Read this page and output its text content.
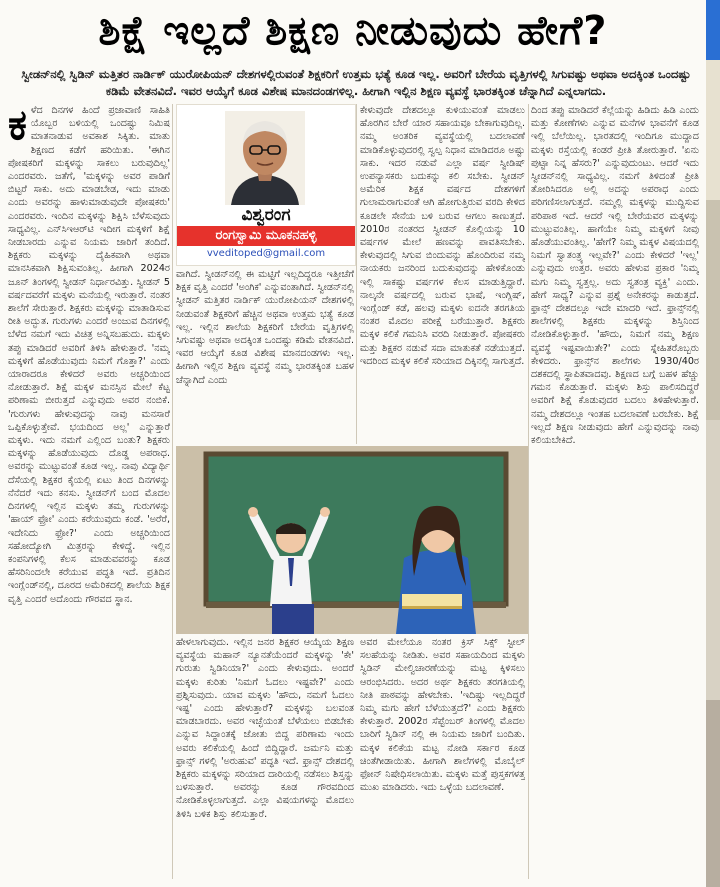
ಶಿಕ್ಷೆ ಇಲ್ಲದೆ ಶಿಕ್ಷಣ ನೀಡುವುದು ಹೇಗೆ?
ಸ್ವೀಡನ್‌ನಲ್ಲಿ ಸ್ವಿಡಿನ್ ಮತ್ತಿತರ ನಾರ್ಡಿಕ್ ಯುರೋಪಿಯನ್ ದೇಶಗಳಲ್ಲಿರುವಂತೆ ಶಿಕ್ಷಕರಿಗೆ ಉತ್ತಮ ಭತ್ಯೆ ಕೂಡ ಇಲ್ಲ. ಅವರಿಗೆ ಬೇರೆಯ ವೃತ್ತಿಗಳಲ್ಲಿ ಸಿಗುವಷ್ಟು ಅಥವಾ ಅದಕ್ಕಿಂತ ಒಂದಷ್ಟು ಕಡಿಮೆ ವೇತನವಿದೆ. ಇವರ ಆಯ್ಕೆಗೆ ಕೂಡ ವಿಶೇಷ ಮಾನದಂಡಗಳಿಲ್ಲ. ಹೀಗಾಗಿ ಇಲ್ಲಿನ ಶಿಕ್ಷಣ ವ್ಯವಸ್ಥೆ ಭಾರತಕ್ಕಿಂತ ಚೆನ್ನಾಗಿದೆ ಎನ್ನಲಾಗದು.
ಕ ಳೆದ ದಿನಗಳ ಹಿಂದೆ ಪ್ರಜಾವಾಣಿ ಸಾಹಿತಿ ಯೊಬ್ಬರ ಬಳಿಯಲ್ಲಿ ಒಂದಷ್ಟು ನಿಮಿಷ ಮಾತನಾಡುವ ಅವಕಾಶ ಸಿಕ್ಕಿತು. ಮಾತು ಶಿಕ್ಷಣದ ಕಡೆಗೆ ಹರಿಯಿತು. 'ಈಗಿನ ಪೋಷಕರಿಗೆ ಮಕ್ಕಳನ್ನು ಸಾಕಲು ಬರುವುದಿಲ್ಲ' ಎಂದರವರು. ಜತೆಗೆ, 'ಮಕ್ಕಳನ್ನು ಅವರ ಪಾಡಿಗೆ ಬಿಟ್ಟರೆ ಸಾಕು. ಅದು ಮಾಡಬೇಡ, ಇದು ಮಾಡು ಎಂದು ಅವರನ್ನು ಹಾಳುಮಾಡುವುದೇ ಪೋಷಕರು' ಎಂದರವರು. ಇಂದಿನ ಮಕ್ಕಳನ್ನು ಶಿಕ್ಷಿಸಿ ಬೆಳೆಸುವುದು ಸಾಧ್ಯವಿಲ್ಲ. ಎನ್‌ಸಿಇಆರ್‌ಟಿ ಇದೀಗ ಮಕ್ಕಳಿಗೆ ಶಿಕ್ಷೆ ನೀಡಬಾರದು ಎನ್ನುವ ನಿಯಮ ಜಾರಿಗೆ ತಂದಿದೆ. ಶಿಕ್ಷಕರು ಮಕ್ಕಳನ್ನು ದೈಹಿಕವಾಗಿ ಅಥವಾ ಮಾನಸಿಕವಾಗಿ ಶಿಕ್ಷಿಸುವಂತಿಲ್ಲ. ಹೀಗಾಗಿ 2024ರ ಜೂನ್ ತಿಂಗಳಲ್ಲಿ ಸ್ವೀಡನ್ ನಿರ್ಧಾರವಿತ್ತು. ಸ್ವೀಡನ್ 5 ವರ್ಷದವರೆಗೆ ಮಕ್ಕಳು ಮನೆಯಲ್ಲಿ ಇರುತ್ತಾರೆ. ನಂತರ ಶಾಲೆಗೆ ಸೇರುತ್ತಾರೆ. ಶಿಕ್ಷಕರು ಮಕ್ಕಳನ್ನು ಮಾತಾಡಿಸುವ ರೀತಿ ಅದ್ಭುತ. ಗುರುಗಳು ಎಂದರೆ ಅಂಜುವ ದಿನಗಳಲ್ಲಿ ಬೆಳೆದ ನಮಗೆ ಇದು ವಿಚಿತ್ರ ಅನ್ನಿಸಬಹುದು. ಮಕ್ಕಳು ತಪ್ಪು ಮಾಡಿದರೆ ಅವರಿಗೆ ತಿಳಿಸಿ ಹೇಳುತ್ತಾರೆ. 'ನಮ್ಮ ಮಕ್ಕಳಿಗೆ ಹೊಡೆಯುವುದು ನಿಮಗೆ ಗೊತ್ತಾ?' ಎಂದು ಯಾರಾದರೂ ಕೇಳಿದರೆ ಅವರು ಅಚ್ಚರಿಯಿಂದ ನೋಡುತ್ತಾರೆ. ಶಿಕ್ಷೆ ಮಕ್ಕಳ ಮನಸ್ಸಿನ ಮೇಲೆ ಕೆಟ್ಟ ಪರಿಣಾಮ ಬೀರುತ್ತದೆ ಎನ್ನುವುದು ಅವರ ನಂಬಿಕೆ. 'ಗುರುಗಳು ಹೇಳುವುದನ್ನು ನಾವು ಮನಸಾರೆ ಒಪ್ಪಿಕೊಳ್ಳುತ್ತೇವೆ. ಭಯದಿಂದ ಅಲ್ಲ' ಎನ್ನುತ್ತಾರೆ ಮಕ್ಕಳು. ಇದು ನಮಗೆ ಎಲ್ಲಿಂದ ಬಂತು? ಶಿಕ್ಷಕರು ಮಕ್ಕಳನ್ನು ಹೊಡೆಯುವುದು ದೊಡ್ಡ ಅಪರಾಧ. ಅವರನ್ನು ಮುಟ್ಟುವಂತೆ ಕೂಡ ಇಲ್ಲ. ನಾವು ವಿದ್ಯಾರ್ಥಿ ದೆಸೆಯಲ್ಲಿ ಶಿಕ್ಷಕರ ಕೈಯಲ್ಲಿ ಏಟು ತಿಂದ ದಿನಗಳನ್ನು ನೆನೆದರೆ ಇದು ಕನಸು. ಸ್ವೀಡನ್‌ಗೆ ಬಂದ ಮೊದಲ ದಿನಗಳಲ್ಲಿ ಇಲ್ಲಿನ ಮಕ್ಕಳು ತಮ್ಮ ಗುರುಗಳನ್ನು 'ಹಾಯ್ ಫ್ರೋ' ಎಂದು ಕರೆಯುವುದು ಕಂಡೆ. 'ಅರೆರೆ, ಇದೇನಿದು ಫ್ರೋ?' ಎಂದು ಅಚ್ಚರಿಯಿಂದ ಸಹೋದ್ಯೋಗಿ ಮಿತ್ರರನ್ನು ಕೇಳಿದ್ದೆ. ಇಲ್ಲಿನ ಕಂಪನಿಗಳಲ್ಲಿ ಕೆಲಸ ಮಾಡುವವರನ್ನು ಕೂಡ ಹೆಸರಿನಿಂದಲೇ ಕರೆಯುವ ಪದ್ಧತಿ ಇದೆ. ಪ್ರತಿದಿನ ಇಂಗ್ಲೆಂಡ್‌ನಲ್ಲಿ, ದೂರದ ಅಮೆರಿಕದಲ್ಲಿ ಶಾಲೆಯ ಶಿಕ್ಷಕ ವೃತ್ತಿ ಎಂದರೆ ಅದೊಂದು ಗೌರವದ ಸ್ಥಾನ.
ವಿಶ್ವರಂಗ
ರಂಗಸ್ವಾಮಿ ಮೂಕನಹಳ್ಳಿ
vveditoped@gmail.com
ವಾಗಿದೆ. ಸ್ವೀಡನ್‌ನಲ್ಲಿ ಈ ಮಟ್ಟಿಗೆ ಇಲ್ಲದಿದ್ದರೂ ಇತ್ತೀಚೆಗೆ ಶಿಕ್ಷಕ ವೃತ್ತಿ ಎಂದರೆ 'ಅಂಗಿಕ' ಎನ್ನುವಂತಾಗಿದೆ. ಸ್ವೀಡನ್‌ನಲ್ಲಿ ಸ್ವೀಡನ್ ಮತ್ತಿತರ ನಾರ್ಡಿಕ್ ಯುರೋಪಿಯನ್ ದೇಶಗಳಲ್ಲಿ ನೀಡುವಂತೆ ಶಿಕ್ಷಕರಿಗೆ ಹೆಚ್ಚಿನ ಅಥವಾ ಉತ್ತಮ ಭತ್ಯೆ ಕೂಡ ಇಲ್ಲ. ಇಲ್ಲಿನ ಶಾಲೆಯ ಶಿಕ್ಷಕರಿಗೆ ಬೇರೆಯ ವೃತ್ತಿಗಳಲ್ಲಿ ಸಿಗುವಷ್ಟು ಅಥವಾ ಅದಕ್ಕಿಂತ ಒಂದಷ್ಟು ಕಡಿಮೆ ವೇತನವಿದೆ. ಇವರ ಆಯ್ಕೆಗೆ ಕೂಡ ವಿಶೇಷ ಮಾನದಂಡಗಳು ಇಲ್ಲ. ಹೀಗಾಗಿ ಇಲ್ಲಿನ ಶಿಕ್ಷಣ ವ್ಯವಸ್ಥೆ ನಮ್ಮ ಭಾರತಕ್ಕಿಂತ ಬಹಳ ಚೆನ್ನಾಗಿದೆ ಎಂದು
ಕೇಳುವುದೇ ದೇಶದಲ್ಲೂ ಕುಳಿಯುವಂತೆ ಮಾಡಲು ಹೊರಗಿನ ಬೇರೆ ಯಾರ ಸಹಾಯವೂ ಬೇಕಾಗುವುದಿಲ್ಲ. ನಮ್ಮ ಅಂತರಿಕ ವ್ಯವಸ್ಥೆಯಲ್ಲಿ ಬದಲಾವಣೆ ಮಾಡಿಕೊಳ್ಳುವುದರಲ್ಲಿ ಸ್ವಲ್ಪ ನಿಧಾನ ಮಾಡಿದರೂ ಅಷ್ಟು ಸಾಕು. ಇದರ ನಡುವೆ ಎಲ್ಲಾ ವರ್ಷ ಸ್ವೀಡಿಷ್ ಉಪನ್ಯಾಸಕರು ಬದುಕನ್ನು ಕಲಿ ಸಬೇಕು. ಸ್ವೀಡನ್ ಅಮೆರಿಕ ಶಿಕ್ಷಕ ವರ್ಷದ ದೇಶಗಳಿಗೆ ಗುಲಾಮರಾಗುವಂತೆ ಆಗಿ ಹೋಗುತ್ತಿರುವ ವರದಿ ಕೇಳಿದ ಕೂಡಲೇ ಸೇನೆಯ ಬಳಿ ಬರುವ ಆಗಲು ಕಾಣುತ್ತದೆ. 2010ರ ನಂತರದ ಸ್ವೀಡನ್ ಕೊಲ್ಲಿಯನ್ನು 10 ವರ್ಷಗಳ ಮೇಲೆ ಹಣವನ್ನು ಪಾವತಿಸಬೇಕು. ಕೇಳುವುದಲ್ಲಿ ಸಿಗುವ ಬಿಂದುವನ್ನು ಹೊಂದಿರುವ ನಮ್ಮ ನಾಯಕರು ಜನರಿಂದ ಬದುಕುವುದನ್ನು ಹೇಳಿಕೊಂಡು ಇಲ್ಲಿ ಸಾಕಷ್ಟು ವರ್ಷಗಳ ಕೆಲಸ ಮಾಡುತ್ತಿದ್ದಾರೆ. ನಾಲ್ಕನೇ ವರ್ಷದಲ್ಲಿ ಬರುವ ಭಾಷೆ, ಇಂಗ್ಲಿಷ್, ಇಂಗ್ಲೆಂಡ್ ಕಡೆ, ಹಲವು ಮಕ್ಕಳು ಐದನೇ ತರಗತಿಯ ನಂತರ ಮೊದಲ ಪರೀಕ್ಷೆ ಬರೆಯುತ್ತಾರೆ. ಶಿಕ್ಷಕರು ಮಕ್ಕಳ ಕಲಿಕೆ ಗಮನಿಸಿ ವರದಿ ನೀಡುತ್ತಾರೆ. ಪೋಷಕರು ಮತ್ತು ಶಿಕ್ಷಕರ ನಡುವೆ ಸದಾ ಮಾತುಕತೆ ನಡೆಯುತ್ತದೆ. ಇದರಿಂದ ಮಕ್ಕಳ ಕಲಿಕೆ ಸರಿಯಾದ ದಿಕ್ಕಿನಲ್ಲಿ ಸಾಗುತ್ತದೆ.
ದಿಂದ ತಪ್ಪು ಮಾಡಿದರೆ ಕೆಲ್ಲೆಯನ್ನು ಹಿಡಿದು ಹಿಡಿ ಎಂದು ಮತ್ತು ಕೋಣೆಗಳು ಎನ್ನುವ ಮನೆಗಳ ಭಾವನೆಗೆ ಕೂಡ ಇಲ್ಲಿ ಬೆಲೆಯಿಲ್ಲ. ಭಾರತದಲ್ಲಿ ಇಂದಿಗೂ ಮುದ್ದಾದ ಮಕ್ಕಳು ರಸ್ತೆಯಲ್ಲಿ ಕಂಡರೆ ಪ್ರೀತಿ ತೋರುತ್ತಾರೆ. 'ಏನು ಪುಟ್ಟಾ ನಿನ್ನ ಹೆಸರು?' ಎನ್ನುವುದುಂಟು. ಆದರೆ ಇದು ಸ್ವೀಡನ್‌ನಲ್ಲಿ ಸಾಧ್ಯವಿಲ್ಲ. ನಮಗೆ ತಿಳಿದಂತೆ ಪ್ರೀತಿ ತೋರಿಸಿದರೂ ಅಲ್ಲಿ ಅದನ್ನು ಅಪರಾಧ ಎಂದು ಪರಿಗಣಿಸಲಾಗುತ್ತದೆ. ನಮ್ಮಲ್ಲಿ ಮಕ್ಕಳನ್ನು ಮುದ್ದಿಸುವ ಪರಿಪಾಠ ಇದೆ. ಆದರೆ ಇಲ್ಲಿ ಬೇರೆಯವರ ಮಕ್ಕಳನ್ನು ಮುಟ್ಟುವಂತಿಲ್ಲ. ಹಾಗೆಯೇ ನಿಮ್ಮ ಮಕ್ಕಳಿಗೆ ನೀವು ಹೊಡೆಯುವಂತಿಲ್ಲ. 'ಹೇಗೆ? ನಿಮ್ಮ ಮಕ್ಕಳ ವಿಷಯದಲ್ಲಿ ನಿಮಗೆ ಸ್ವಾತಂತ್ರ್ಯ ಇಲ್ಲವೇ?' ಎಂದು ಕೇಳಿದರೆ 'ಇಲ್ಲ' ಎನ್ನುವುದು ಉತ್ತರ. ಅವರು ಹೇಳುವ ಪ್ರಕಾರ 'ನಿಮ್ಮ ಮಗು ನಿಮ್ಮ ಸ್ವತ್ತಲ್ಲ. ಅದು ಸ್ವತಂತ್ರ ವ್ಯಕ್ತಿ' ಎಂದು. ಹೇಗೆ ಸಾಧ್ಯ? ಎನ್ನುವ ಪ್ರಶ್ನೆ ಅನೇಕರನ್ನು ಕಾಡುತ್ತದೆ. ಫ್ರಾನ್ಸ್ ದೇಶದಲ್ಲೂ ಇದೇ ಮಾದರಿ ಇದೆ. ಫ್ರಾನ್ಸ್‌ನಲ್ಲಿ ಶಾಲೆಗಳಲ್ಲಿ ಶಿಕ್ಷಕರು ಮಕ್ಕಳನ್ನು ಶಿಸ್ತಿನಿಂದ ನೋಡಿಕೊಳ್ಳುತ್ತಾರೆ. 'ಹೌದು, ನಿಮಗೆ ನಮ್ಮ ಶಿಕ್ಷಣ ವ್ಯವಸ್ಥೆ ಇಷ್ಟವಾಯಿತೇ?' ಎಂದು ಸ್ನೇಹಿತರೊಬ್ಬರು ಕೇಳಿದರು. ಫ್ರಾನ್ಸ್‌ನ ಶಾಲೆಗಳು 1930/40ರ ದಶಕದಲ್ಲಿ ಸ್ಥಾಪಿತವಾದವು. ಶಿಕ್ಷಣದ ಬಗ್ಗೆ ಬಹಳ ಹೆಚ್ಚು ಗಮನ ಕೊಡುತ್ತಾರೆ. ಮಕ್ಕಳು ಶಿಸ್ತು ಪಾಲಿಸದಿದ್ದರೆ ಅವರಿಗೆ ಶಿಕ್ಷೆ ಕೊಡುವುದರ ಬದಲು ತಿಳಿಹೇಳುತ್ತಾರೆ. ನಮ್ಮ ದೇಶದಲ್ಲೂ ಇಂತಹ ಬದಲಾವಣೆ ಬರಬೇಕು. ಶಿಕ್ಷೆ ಇಲ್ಲದೆ ಶಿಕ್ಷಣ ನೀಡುವುದು ಹೇಗೆ ಎನ್ನುವುದನ್ನು ನಾವು ಕಲಿಯಬೇಕಿದೆ.
ಹೇಳಲಾಗುವುದು. ಇಲ್ಲಿನ ಜನರ ಶಿಕ್ಷಕರ ಆಯ್ಕೆಯ ಶಿಕ್ಷಣ ವ್ಯವಸ್ಥೆಯ ಮಹಾನ್ ನ್ಯೂನತೆಯೆಂದರೆ ಮಕ್ಕಳನ್ನು 'ಕೇ' ಗುರುತು ಸ್ವಿಡಿನಿಯಾ?' ಎಂದು ಕೇಳುವುದು. ಅಂದರೆ ಮಕ್ಕಳು ಕುರಿತು 'ನಿಮಗೆ ಓದಲು ಇಷ್ಟವೇ?' ಎಂದು ಪ್ರಶ್ನಿಸುವುದು. ಯಾವ ಮಕ್ಕಳು 'ಹೌದು, ನಮಗೆ ಓದಲು ಇಷ್ಟ' ಎಂದು ಹೇಳುತ್ತಾರೆ? ಮಕ್ಕಳನ್ನು ಬಲವಂತ ಮಾಡಬಾರದು. ಅವರ ಇಚ್ಛೆಯಂತೆ ಬೆಳೆಯಲು ಬಿಡಬೇಕು ಎನ್ನುವ ಸಿದ್ಧಾಂತಕ್ಕೆ ಜೋತು ಬಿದ್ದ ಪರಿಣಾಮ ಇಂದು ಅವರು ಕಲಿಕೆಯಲ್ಲಿ ಹಿಂದೆ ಬಿದ್ದಿದ್ದಾರೆ. ಜರ್ಮನಿ ಮತ್ತು ಫ್ರಾನ್ಸ್ ಗಳಲ್ಲಿ 'ಅರುಹುವ' ಪದ್ಧತಿ ಇದೆ. ಫ್ರಾನ್ಸ್ ದೇಶದಲ್ಲಿ ಶಿಕ್ಷಕರು ಮಕ್ಕಳನ್ನು ಸರಿಯಾದ ದಾರಿಯಲ್ಲಿ ನಡೆಸಲು ಶಿಸ್ತನ್ನು ಬಳಸುತ್ತಾರೆ. ಅವರನ್ನು ಕೂಡ ಗೌರವದಿಂದ ನೋಡಿಕೊಳ್ಳಲಾಗುತ್ತದೆ. ಎಲ್ಲಾ ವಿಷಯಗಳನ್ನು ಮೊದಲು ತಿಳಿಸಿ ಬಳಿಕ ಶಿಸ್ತು ಕಲಿಸುತ್ತಾರೆ.
ಅವರ ಮೇಲೆಯೂ ನಂತರ ಕ್ರಿಸ್ ಸಿಕ್ಸ್ ಸ್ಟೀಲ್ ಸಲಹೆಯನ್ನು ನೀಡಿತು. ಅವರ ಸಹಾಯದಿಂದ ಮಕ್ಕಳು ಸ್ವಿಡಿನ್ ಮೇಲ್ವಿಚಾರಣೆಯನ್ನು ಮಟ್ಟ ಕ್ಕಿಳಿಸಲು ಆರಂಭಿಸಿದರು. ಅದರ ಅರ್ಥ ಶಿಕ್ಷಕರು ತರಗತಿಯಲ್ಲಿ ನೀತಿ ಪಾಠವನ್ನು ಹೇಳಬೇಕು. 'ಇದಿಷ್ಟು ಇಲ್ಲದಿದ್ದರೆ ನಿಮ್ಮ ಮಗು ಹೇಗೆ ಬೆಳೆಯುತ್ತದೆ?' ಎಂದು ಶಿಕ್ಷಕರು ಕೇಳುತ್ತಾರೆ. 2002ರ ಸೆಪ್ಟೆಂಬರ್ ತಿಂಗಳಲ್ಲಿ ಮೊದಲ ಬಾರಿಗೆ ಸ್ವಿಡಿನ್ ನಲ್ಲಿ ಈ ನಿಯಮ ಜಾರಿಗೆ ಬಂದಿತು. ಮಕ್ಕಳ ಕಲಿಕೆಯ ಮಟ್ಟ ನೋಡಿ ಸರ್ಕಾರ ಕೂಡ ಚಿಂತೆಗೀಡಾಯಿತು. ಹೀಗಾಗಿ ಶಾಲೆಗಳಲ್ಲಿ ಮೊಬೈಲ್ ಫೋನ್ ನಿಷೇಧಿಸಲಾಯಿತು. ಮಕ್ಕಳು ಮತ್ತೆ ಪುಸ್ತಕಗಳತ್ತ ಮುಖ ಮಾಡಿದರು. ಇದು ಒಳ್ಳೆಯ ಬದಲಾವಣೆ.
